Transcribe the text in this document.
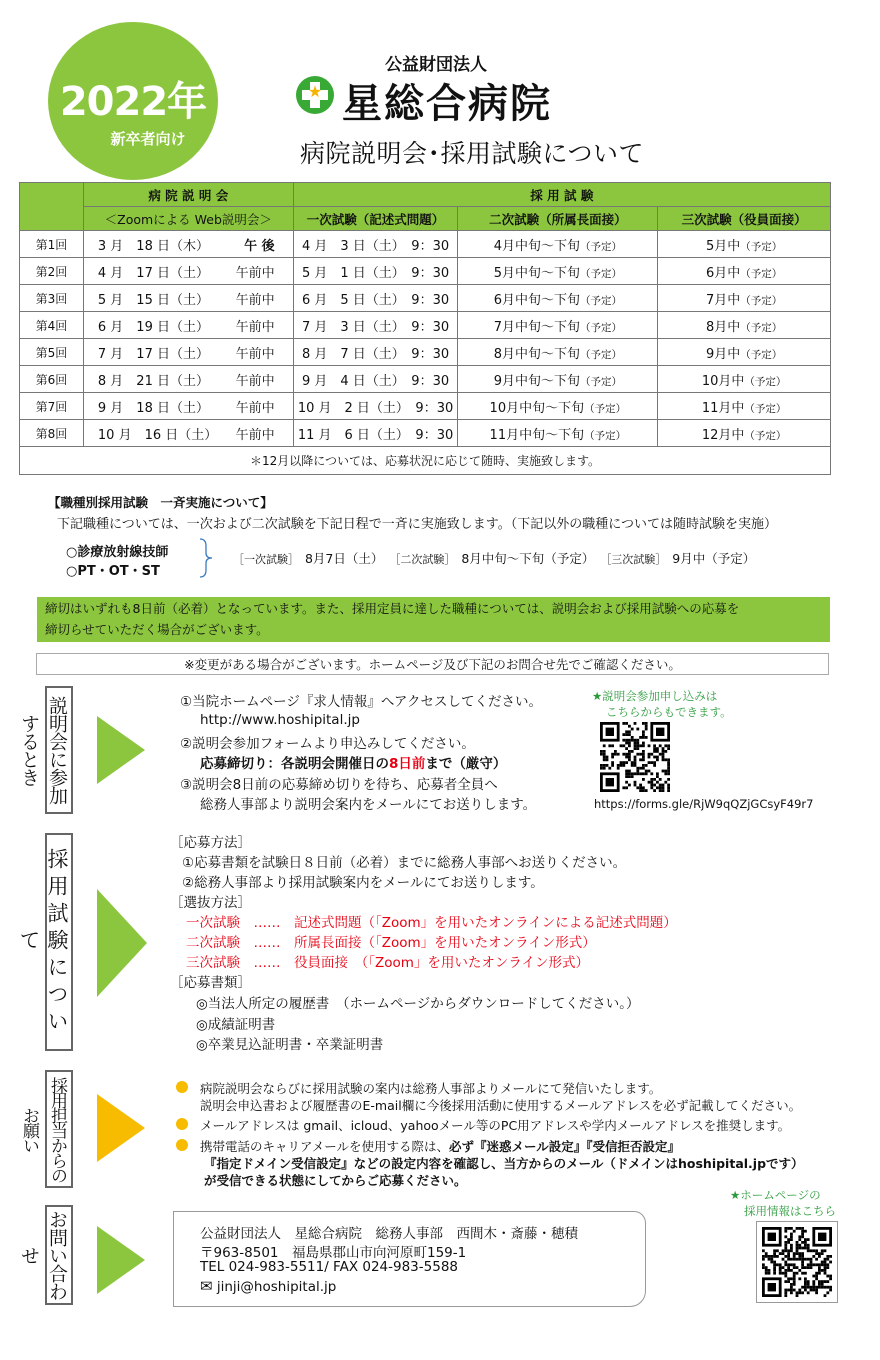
2022年
新卒者向け
公益財団法人
★ 星総合病院
病院説明会･採用試験について
	病 院 説 明 会	採 用 試 験		
	＜Zoomによる Web説明会＞	一次試験（記述式問題）	二次試験（所属長面接）	三次試験（役員面接）
第1回	3 月　18 日（木） 午 後	4 月　3 日（土）　9：30	4月中旬～下旬（予定）	5月中（予定）
第2回	4 月　17 日（土） 午前中	5 月　1 日（土）　9：30	5月中旬～下旬（予定）	6月中（予定）
第3回	5 月　15 日（土） 午前中	6 月　5 日（土）　9：30	6月中旬～下旬（予定）	7月中（予定）
第4回	6 月　19 日（土） 午前中	7 月　3 日（土）　9：30	7月中旬～下旬（予定）	8月中（予定）
第5回	7 月　17 日（土） 午前中	8 月　7 日（土）　9：30	8月中旬～下旬（予定）	9月中（予定）
第6回	8 月　21 日（土） 午前中	9 月　4 日（土）　9：30	9月中旬～下旬（予定）	10月中（予定）
第7回	9 月　18 日（土） 午前中	10 月　2 日（土）　9：30	10月中旬～下旬（予定）	11月中（予定）
第8回	10 月　16 日（土） 午前中	11 月　6 日（土）　9：30	11月中旬～下旬（予定）	12月中（予定）
＊12月以降については、応募状況に応じて随時、実施致します。				
【職種別採用試験　一斉実施について】
下記職種については、一次および二次試験を下記日程で一斉に実施致します。（下記以外の職種については随時試験を実施）
○診療放射線技師
○PT・OT・ST
［一次試験］ 8月7日（土） ［二次試験］ 8月中旬～下旬（予定） ［三次試験］ 9月中（予定）
締切はいずれも8日前（必着）となっています。また、採用定員に達した職種については、説明会および採用試験への応募を
締切らせていただく場合がございます。
※変更がある場合がございます。ホームページ及び下記のお問合せ先でご確認ください。
説明会に参加するとき
①当院ホームページ『求人情報』へアクセスしてください。
http://www.hoshipital.jp
②説明会参加フォームより申込みしてください。
応募締切り：各説明会開催日の8日前まで（厳守）
③説明会8日前の応募締め切りを待ち、応募者全員へ
総務人事部より説明会案内をメールにてお送りします。
★説明会参加申し込みは
こちらからもできます。
https://forms.gle/RjW9qQZjGCsyF49r7
採用試験について
［応募方法］
①応募書類を試験日８日前（必着）までに総務人事部へお送りください。
②総務人事部より採用試験案内をメールにてお送りします。
［選抜方法］
一次試験　……　記述式問題（「Zoom」を用いたオンラインによる記述式問題）
二次試験　……　所属長面接（「Zoom」を用いたオンライン形式）
三次試験　……　役員面接　（「Zoom」を用いたオンライン形式）
［応募書類］
◎当法人所定の履歴書　（ホームページからダウンロードしてください。）
◎成績証明書
◎卒業見込証明書・卒業証明書
採用担当からのお願い
病院説明会ならびに採用試験の案内は総務人事部よりメールにて発信いたします。
説明会申込書および履歴書のE-mail欄に今後採用活動に使用するメールアドレスを必ず記載してください。
メールアドレスは gmail、icloud、yahooメール等のPC用アドレスや学内メールアドレスを推奨します。
携帯電話のキャリアメールを使用する際は、必ず『迷惑メール設定』『受信拒否設定』
『指定ドメイン受信設定』などの設定内容を確認し、当方からのメール（ドメインはhoshipital.jpです）
が受信できる状態にしてからご応募ください。
お問い合わせ
公益財団法人　星総合病院　総務人事部　西間木・斎藤・穂積
〒963-8501　福島県郡山市向河原町159-1
TEL 024-983-5511/ FAX 024-983-5588
✉ jinji@hoshipital.jp
★ホームページの
採用情報はこちら
